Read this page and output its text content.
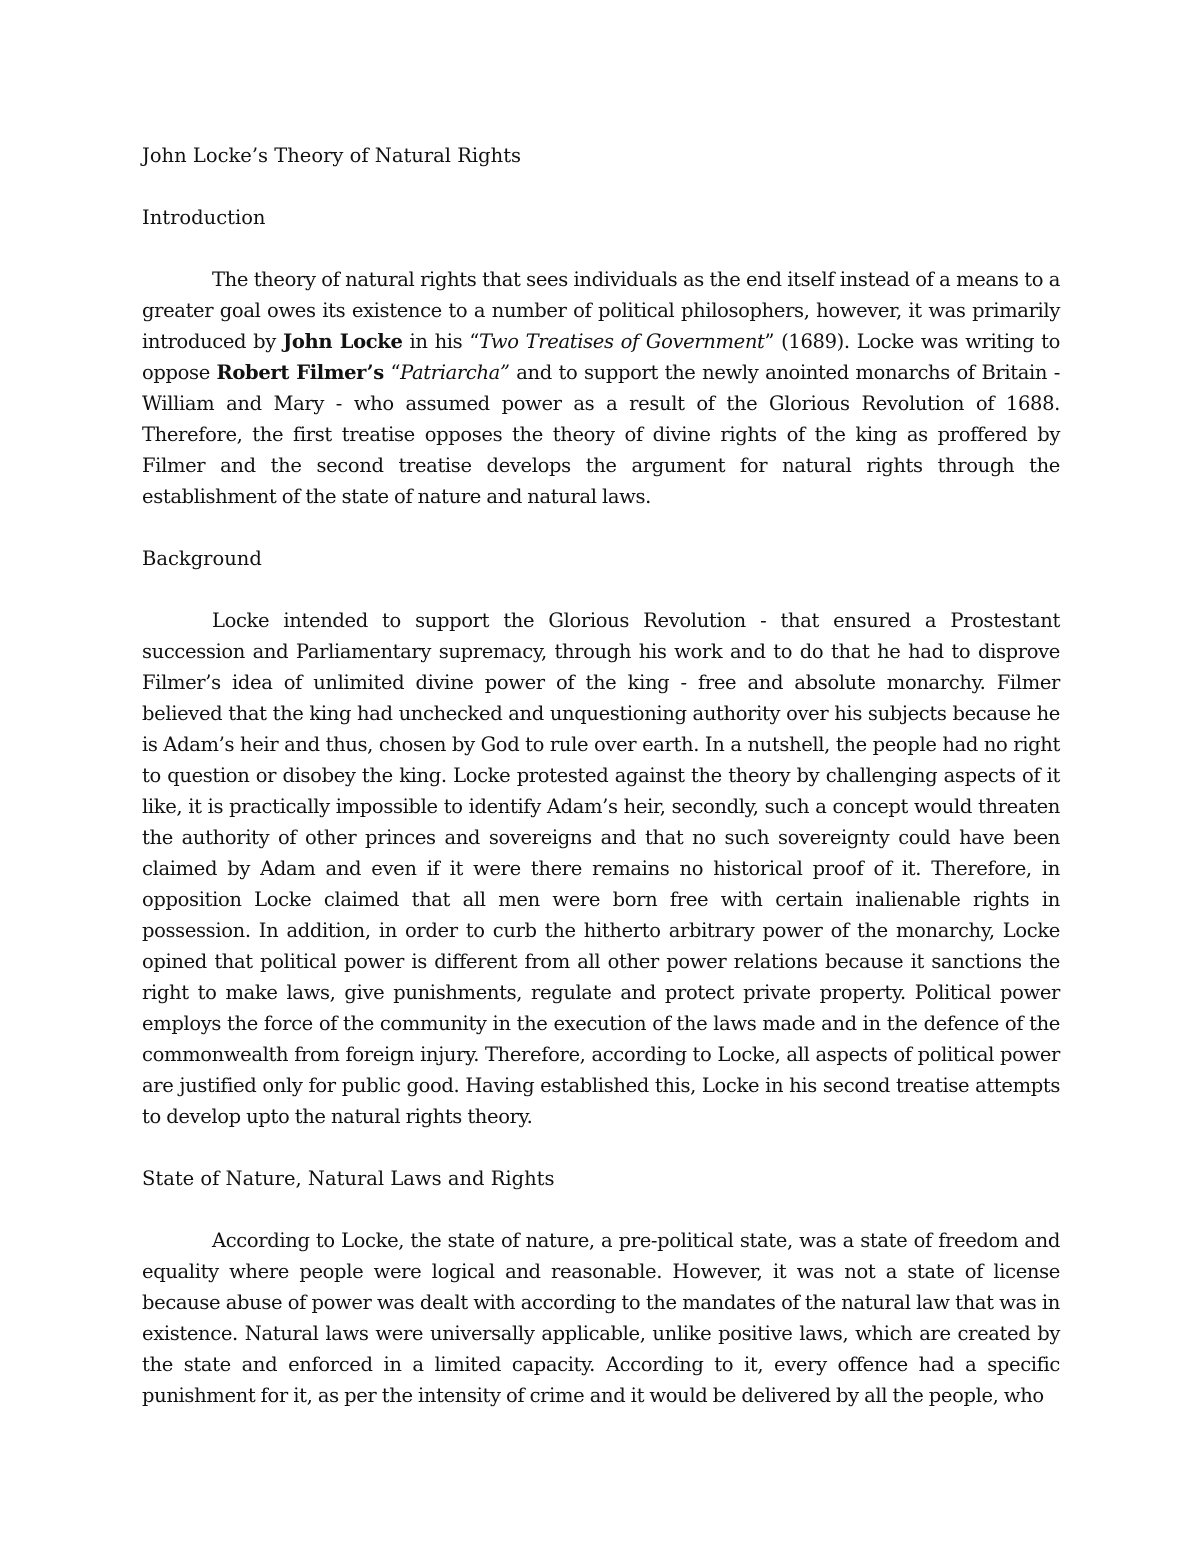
John Locke’s Theory of Natural Rights
Introduction
The theory of natural rights that sees individuals as the end itself instead of a means to a greater goal owes its existence to a number of political philosophers, however, it was primarily introduced by John Locke in his “Two Treatises of Government” (1689). Locke was writing to oppose Robert Filmer’s “Patriarcha” and to support the newly anointed monarchs of Britain - William and Mary - who assumed power as a result of the Glorious Revolution of 1688. Therefore, the first treatise opposes the theory of divine rights of the king as proffered by Filmer and the second treatise develops the argument for natural rights through the establishment of the state of nature and natural laws.
Background
Locke intended to support the Glorious Revolution - that ensured a Prostestant succession and Parliamentary supremacy, through his work and to do that he had to disprove Filmer’s idea of unlimited divine power of the king - free and absolute monarchy. Filmer believed that the king had unchecked and unquestioning authority over his subjects because he is Adam’s heir and thus, chosen by God to rule over earth. In a nutshell, the people had no right to question or disobey the king. Locke protested against the theory by challenging aspects of it like, it is practically impossible to identify Adam’s heir, secondly, such a concept would threaten the authority of other princes and sovereigns and that no such sovereignty could have been claimed by Adam and even if it were there remains no historical proof of it. Therefore, in opposition Locke claimed that all men were born free with certain inalienable rights in possession. In addition, in order to curb the hitherto arbitrary power of the monarchy, Locke opined that political power is different from all other power relations because it sanctions the right to make laws, give punishments, regulate and protect private property. Political power employs the force of the community in the execution of the laws made and in the defence of the commonwealth from foreign injury. Therefore, according to Locke, all aspects of political power are justified only for public good. Having established this, Locke in his second treatise attempts to develop upto the natural rights theory.
State of Nature, Natural Laws and Rights
According to Locke, the state of nature, a pre-political state, was a state of freedom and equality where people were logical and reasonable. However, it was not a state of license because abuse of power was dealt with according to the mandates of the natural law that was in existence. Natural laws were universally applicable, unlike positive laws, which are created by the state and enforced in a limited capacity. According to it, every offence had a specific punishment for it, as per the intensity of crime and it would be delivered by all the people, who
